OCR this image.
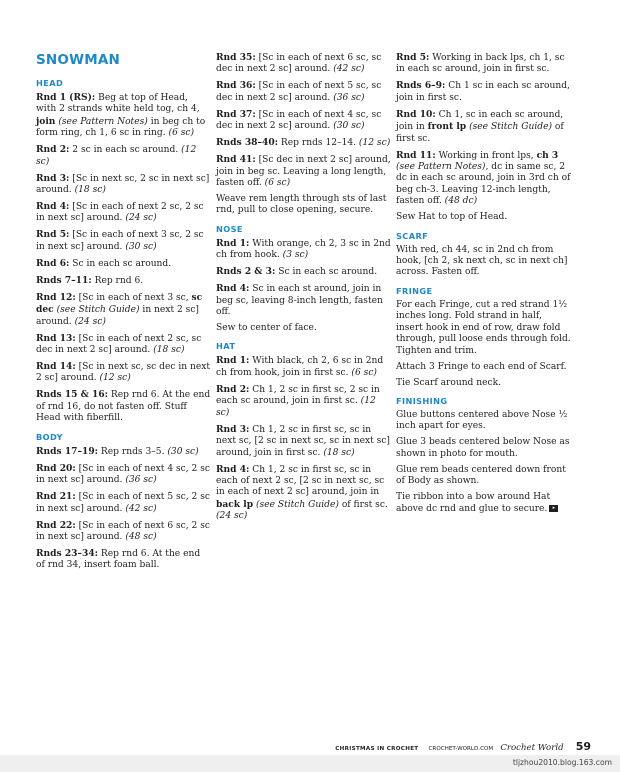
SNOWMAN
HEAD

Rnd 1 (RS): Beg at top of Head, with 2 strands white held tog, ch 4, join (see Pattern Notes) in beg ch to form ring, ch 1, 6 sc in ring. (6 sc)

Rnd 2: 2 sc in each sc around. (12 sc)

Rnd 3: [Sc in next sc, 2 sc in next sc] around. (18 sc)

Rnd 4: [Sc in each of next 2 sc, 2 sc in next sc] around. (24 sc)

Rnd 5: [Sc in each of next 3 sc, 2 sc in next sc] around. (30 sc)

Rnd 6: Sc in each sc around.

Rnds 7–11: Rep rnd 6.

Rnd 12: [Sc in each of next 3 sc, sc dec (see Stitch Guide) in next 2 sc] around. (24 sc)

Rnd 13: [Sc in each of next 2 sc, sc dec in next 2 sc] around. (18 sc)

Rnd 14: [Sc in next sc, sc dec in next 2 sc] around. (12 sc)

Rnds 15 & 16: Rep rnd 6. At the end of rnd 16, do not fasten off. Stuff Head with fiberfill.

BODY

Rnds 17–19: Rep rnds 3–5. (30 sc)

Rnd 20: [Sc in each of next 4 sc, 2 sc in next sc] around. (36 sc)

Rnd 21: [Sc in each of next 5 sc, 2 sc in next sc] around. (42 sc)

Rnd 22: [Sc in each of next 6 sc, 2 sc in next sc] around. (48 sc)

Rnds 23–34: Rep rnd 6. At the end of rnd 34, insert foam ball.

Rnd 35: [Sc in each of next 6 sc, sc dec in next 2 sc] around. (42 sc)

Rnd 36: [Sc in each of next 5 sc, sc dec in next 2 sc] around. (36 sc)

Rnd 37: [Sc in each of next 4 sc, sc dec in next 2 sc] around. (30 sc)

Rnds 38–40: Rep rnds 12–14. (12 sc)

Rnd 41: [Sc dec in next 2 sc] around, join in beg sc. Leaving a long length, fasten off. (6 sc)

Weave rem length through sts of last rnd, pull to close opening, secure.

NOSE

Rnd 1: With orange, ch 2, 3 sc in 2nd ch from hook. (3 sc)

Rnds 2 & 3: Sc in each sc around.

Rnd 4: Sc in each st around, join in beg sc, leaving 8-inch length, fasten off.

Sew to center of face.

HAT

Rnd 1: With black, ch 2, 6 sc in 2nd ch from hook, join in first sc. (6 sc)

Rnd 2: Ch 1, 2 sc in first sc, 2 sc in each sc around, join in first sc. (12 sc)

Rnd 3: Ch 1, 2 sc in first sc, sc in next sc, [2 sc in next sc, sc in next sc] around, join in first sc. (18 sc)

Rnd 4: Ch 1, 2 sc in first sc, sc in each of next 2 sc, [2 sc in next sc, sc in each of next 2 sc] around, join in back lp (see Stitch Guide) of first sc. (24 sc)

Rnd 5: Working in back lps, ch 1, sc in each sc around, join in first sc.

Rnds 6–9: Ch 1 sc in each sc around, join in first sc.

Rnd 10: Ch 1, sc in each sc around, join in front lp (see Stitch Guide) of first sc.

Rnd 11: Working in front lps, ch 3 (see Pattern Notes), dc in same sc, 2 dc in each sc around, join in 3rd ch of beg ch-3. Leaving 12-inch length, fasten off. (48 dc)

Sew Hat to top of Head.

SCARF

With red, ch 44, sc in 2nd ch from hook, [ch 2, sk next ch, sc in next ch] across. Fasten off.

FRINGE

For each Fringe, cut a red strand 1½ inches long. Fold strand in half, insert hook in end of row, draw fold through, pull loose ends through fold. Tighten and trim.

Attach 3 Fringe to each end of Scarf.

Tie Scarf around neck.

FINISHING

Glue buttons centered above Nose ½ inch apart for eyes.

Glue 3 beads centered below Nose as shown in photo for mouth.

Glue rem beads centered down front of Body as shown.

Tie ribbon into a bow around Hat above dc rnd and glue to secure. ▸

CHRISTMAS IN CROCHET CROCHET-WORLD.COM Crochet World 59
tljzhou2010.blog.163.com
